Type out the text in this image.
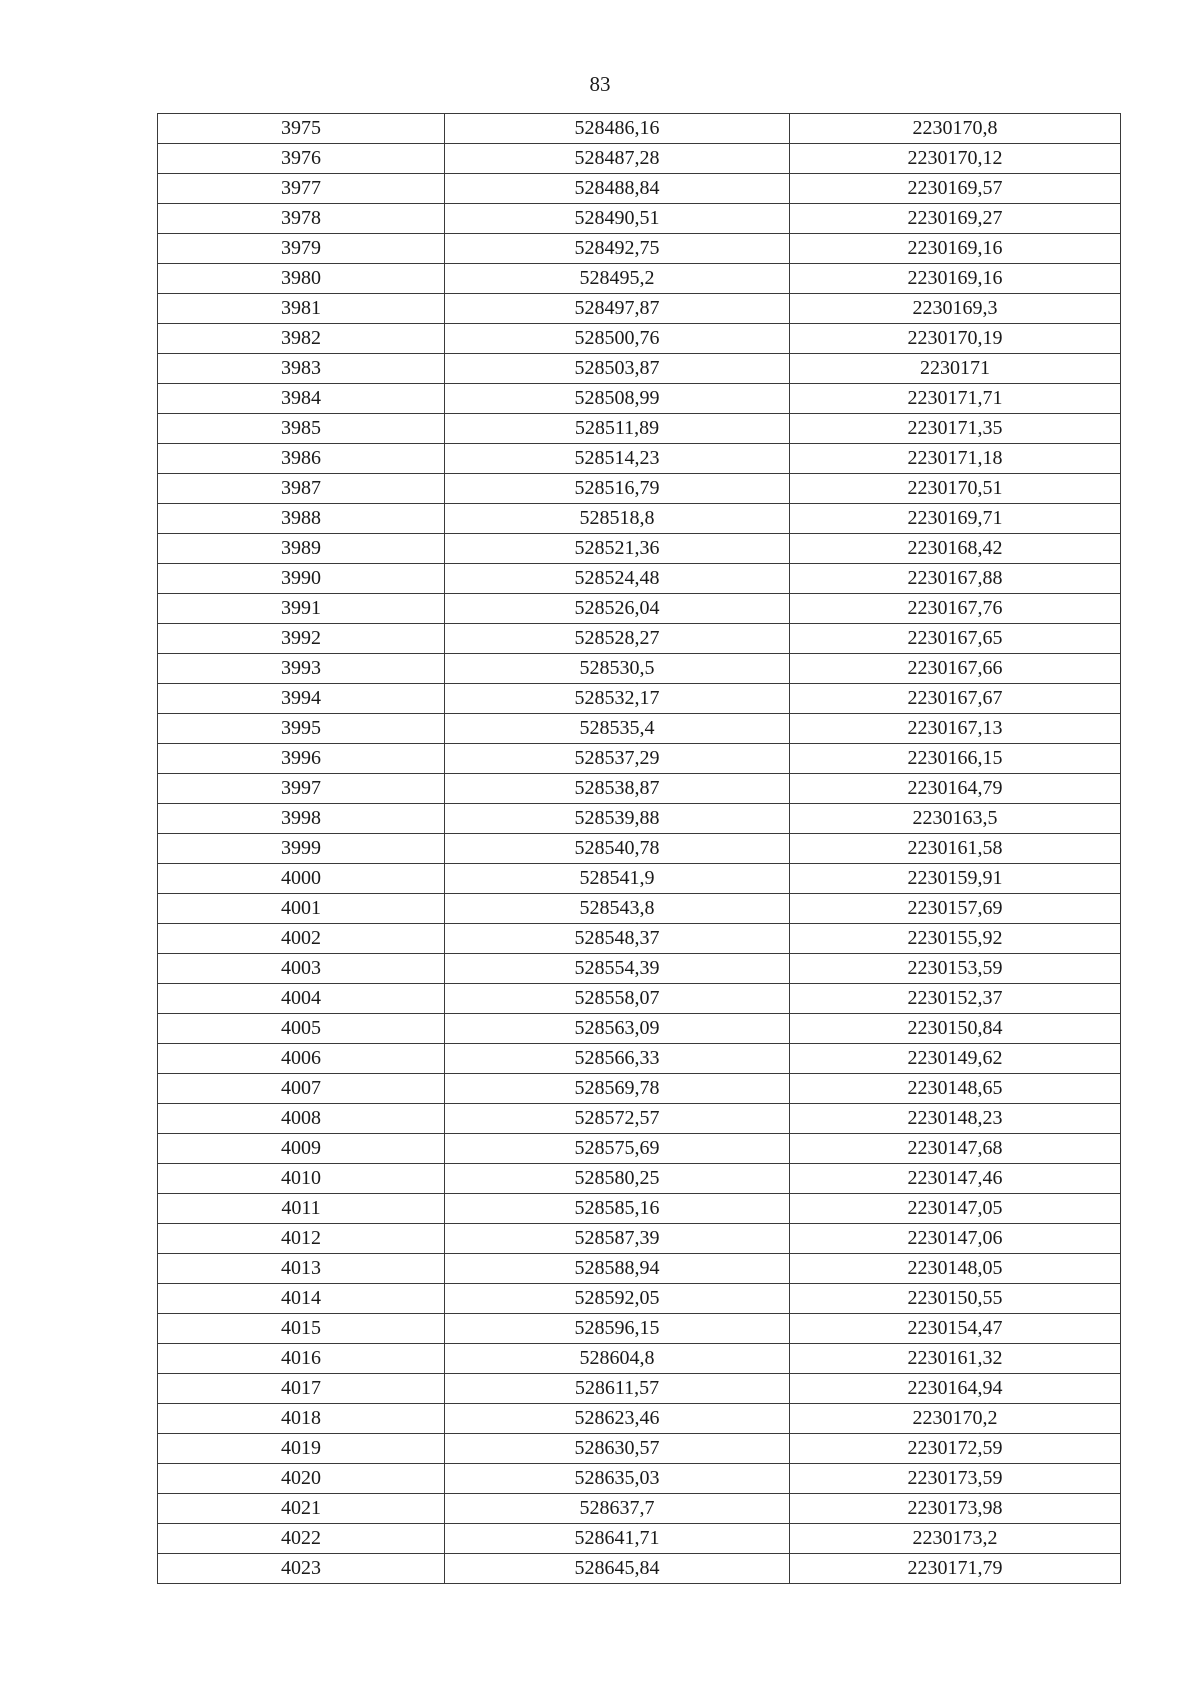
83
3975	528486,16	2230170,8
3976	528487,28	2230170,12
3977	528488,84	2230169,57
3978	528490,51	2230169,27
3979	528492,75	2230169,16
3980	528495,2	2230169,16
3981	528497,87	2230169,3
3982	528500,76	2230170,19
3983	528503,87	2230171
3984	528508,99	2230171,71
3985	528511,89	2230171,35
3986	528514,23	2230171,18
3987	528516,79	2230170,51
3988	528518,8	2230169,71
3989	528521,36	2230168,42
3990	528524,48	2230167,88
3991	528526,04	2230167,76
3992	528528,27	2230167,65
3993	528530,5	2230167,66
3994	528532,17	2230167,67
3995	528535,4	2230167,13
3996	528537,29	2230166,15
3997	528538,87	2230164,79
3998	528539,88	2230163,5
3999	528540,78	2230161,58
4000	528541,9	2230159,91
4001	528543,8	2230157,69
4002	528548,37	2230155,92
4003	528554,39	2230153,59
4004	528558,07	2230152,37
4005	528563,09	2230150,84
4006	528566,33	2230149,62
4007	528569,78	2230148,65
4008	528572,57	2230148,23
4009	528575,69	2230147,68
4010	528580,25	2230147,46
4011	528585,16	2230147,05
4012	528587,39	2230147,06
4013	528588,94	2230148,05
4014	528592,05	2230150,55
4015	528596,15	2230154,47
4016	528604,8	2230161,32
4017	528611,57	2230164,94
4018	528623,46	2230170,2
4019	528630,57	2230172,59
4020	528635,03	2230173,59
4021	528637,7	2230173,98
4022	528641,71	2230173,2
4023	528645,84	2230171,79
